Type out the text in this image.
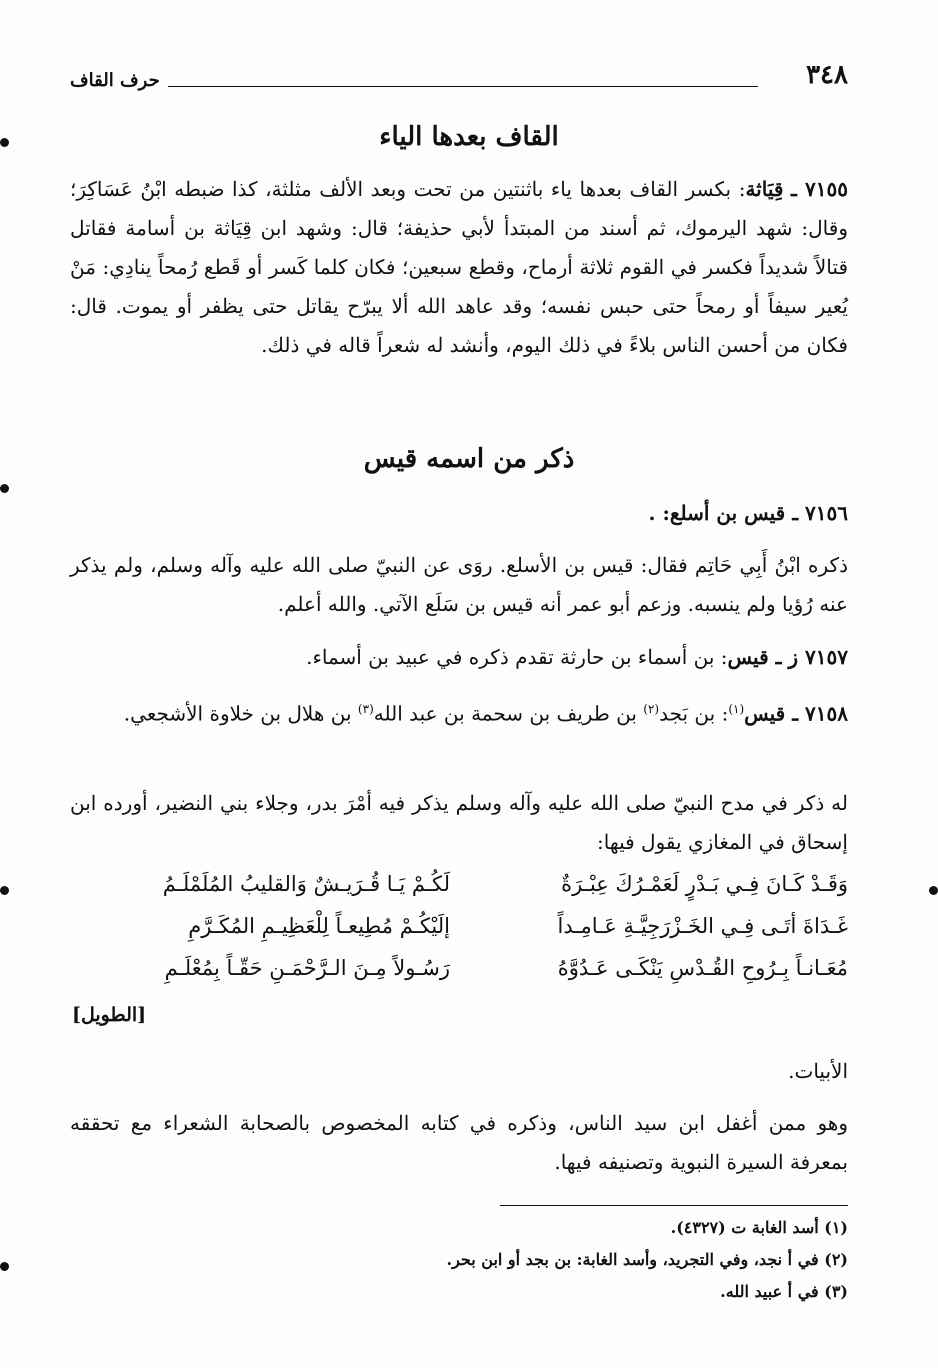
٣٤٨
حرف القاف
القاف بعدها الياء
٧١٥٥ ـ قِيَاثة: بكسر القاف بعدها ياء باثنتين من تحت وبعد الألف مثلثة، كذا ضبطه ابْنُ عَسَاكِرَ؛ وقال: شهد اليرموك، ثم أسند من المبتدأ لأبي حذيفة؛ قال: وشهد ابن قِيَاثة بن أسامة فقاتل قتالاً شديداً فكسر في القوم ثلاثة أرماح، وقطع سبعين؛ فكان كلما كَسر أو قَطع رُمحاً ينادِي: مَنْ يُعير سيفاً أو رمحاً حتى حبس نفسه؛ وقد عاهد الله ألا يبرّح يقاتل حتى يظفر أو يموت. قال: فكان من أحسن الناس بلاءً في ذلك اليوم، وأنشد له شعراً قاله في ذلك.
ذكر من اسمه قيس
٧١٥٦ ـ قيس بن أسلع: .
ذكره ابْنُ أَبِي حَاتِم فقال: قيس بن الأسلع. روَى عن النبيّ صلى الله عليه وآله وسلم، ولم يذكر عنه رُؤيا ولم ينسبه. وزعم أبو عمر أنه قيس بن سَلَع الآتي. والله أعلم.
٧١٥٧ ز ـ قيس: بن أسماء بن حارثة تقدم ذكره في عبيد بن أسماء.
٧١٥٨ ـ قيس$^{(١)}$: بن بَجد$^{(٢)}$ بن طريف بن سحمة بن عبد الله$^{(٣)}$ بن هلال بن خلاوة الأشجعي.
له ذكر في مدح النبيّ صلى الله عليه وآله وسلم يذكر فيه أمْرَ بدر، وجلاء بني النضير، أورده ابن إسحاق في المغازي يقول فيها:
وَقَـدْ كَـانَ فِـي بَـدْرٍ لَعَمْـرُكَ عِبْـرَةٌ
لَكُـمْ يَـا قُـرَيـشٌ وَالقليبُ المُلَمْلَـمُ
غَـدَاةَ أتَـى فِـي الخَـزْرَجِيَّـةِ عَـامِـداً
إلَيْكُـمْ مُطِيعـاً لِلْعَظِيـمِ المُكَـرَّمِ
مُعَـانـاً بِـرُوحِ القُـدْسِ يَنْكَـى عَـدُوَّهُ
رَسُـولاً مِـنَ الـرَّحْمَـنِ حَقّـاً بِمُعْلَـمِ
[الطويل]
الأبيات.
وهو ممن أغفل ابن سيد الناس، وذكره في كتابه المخصوص بالصحابة الشعراء مع تحققه بمعرفة السيرة النبوية وتصنيفه فيها.
(١) أسد الغابة ت (٤٣٢٧).
(٢) في أ نجد، وفي التجريد، وأسد الغابة: بن بجد أو ابن بحر.
(٣) في أ عبيد الله.
